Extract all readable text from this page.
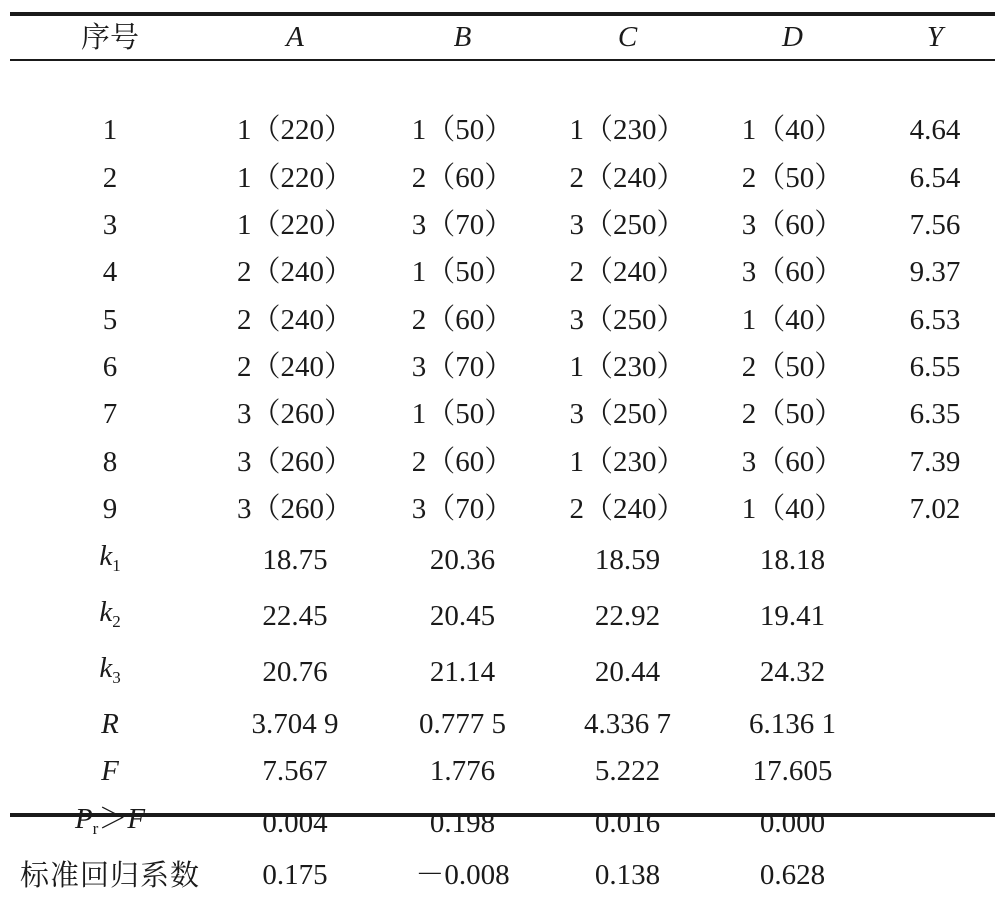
序号	A	B	C	D	Y

1	1（220）	1（50）	1（230）	1（40）	4.64
2	1（220）	2（60）	2（240）	2（50）	6.54
3	1（220）	3（70）	3（250）	3（60）	7.56
4	2（240）	1（50）	2（240）	3（60）	9.37
5	2（240）	2（60）	3（250）	1（40）	6.53
6	2（240）	3（70）	1（230）	2（50）	6.55
7	3（260）	1（50）	3（250）	2（50）	6.35
8	3（260）	2（60）	1（230）	3（60）	7.39
9	3（260）	3（70）	2（240）	1（40）	7.02
$k_1$	18.75	20.36	18.59	18.18	
$k_2$	22.45	20.45	22.92	19.41	
$k_3$	20.76	21.14	20.44	24.32	
R	3.704 9	0.777 5	4.336 7	6.136 1	
F	7.567	1.776	5.222	17.605	
$P_r>F$	0.004	0.198	0.016	0.000	
标准回归系数	0.175	－0.008	0.138	0.628	
